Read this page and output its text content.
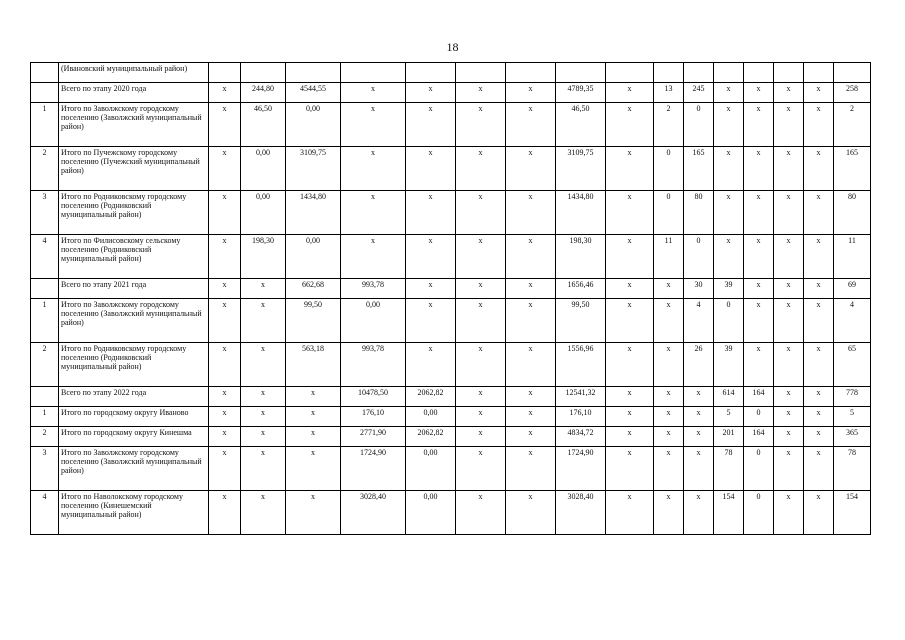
18
	(Ивановский муниципальный район)																
	Всего по этапу 2020 года	x	244,80	4544,55	x	x	x	x	4789,35	x	13	245	x	x	x	x	258
1	Итого по Заволжскому городскому поселению (Заволжский муниципальный район)	x	46,50	0,00	x	x	x	x	46,50	x	2	0	x	x	x	x	2
2	Итого по Пучежскому городскому поселению (Пучежский муниципальный район)	x	0,00	3109,75	x	x	x	x	3109,75	x	0	165	x	x	x	x	165
3	Итого по Родниковскому городскому поселению (Родниковский муниципальный район)	x	0,00	1434,80	x	x	x	x	1434,80	x	0	80	x	x	x	x	80
4	Итого по Филисовскому сельскому поселению (Родниковский муниципальный район)	x	198,30	0,00	x	x	x	x	198,30	x	11	0	x	x	x	x	11
	Всего по этапу 2021 года	x	x	662,68	993,78	x	x	x	1656,46	x	x	30	39	x	x	x	69
1	Итого по Заволжскому городскому поселению (Заволжский муниципальный район)	x	x	99,50	0,00	x	x	x	99,50	x	x	4	0	x	x	x	4
2	Итого по Родниковскому городскому поселению (Родниковский муниципальный район)	x	x	563,18	993,78	x	x	x	1556,96	x	x	26	39	x	x	x	65
	Всего по этапу 2022 года	x	x	x	10478,50	2062,82	x	x	12541,32	x	x	x	614	164	x	x	778
1	Итого по городскому округу Иваново	x	x	x	176,10	0,00	x	x	176,10	x	x	x	5	0	x	x	5
2	Итого по городскому округу Кинешма	x	x	x	2771,90	2062,82	x	x	4834,72	x	x	x	201	164	x	x	365
3	Итого по Заволжскому городскому поселению (Заволжский муниципальный район)	x	x	x	1724,90	0,00	x	x	1724,90	x	x	x	78	0	x	x	78
4	Итого по Наволокскому городскому поселению (Кинешемский муниципальный район)	x	x	x	3028,40	0,00	x	x	3028,40	x	x	x	154	0	x	x	154
